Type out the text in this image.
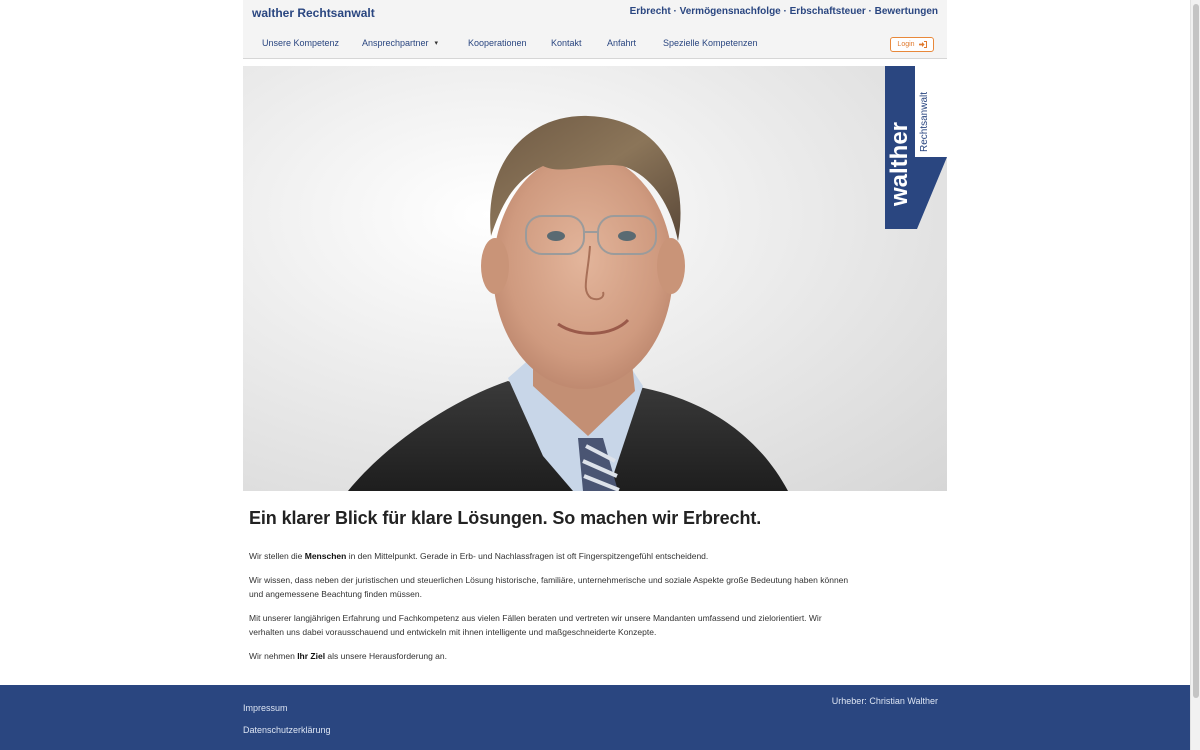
walther Rechtsanwalt	Erbrecht · Vermögensnachfolge · Erbschaftsteuer · Bewertungen
Unsere Kompetenz	Ansprechpartner ▾	Kooperationen	Kontakt	Anfahrt	Spezielle Kompetenzen	Login
walther Rechtsanwalt
Ein klarer Blick für klare Lösungen. So machen wir Erbrecht.

Wir stellen die Menschen in den Mittelpunkt. Gerade in Erb- und Nachlassfragen ist oft Fingerspitzengefühl entscheidend.

Wir wissen, dass neben der juristischen und steuerlichen Lösung historische, familiäre, unternehmerische und soziale Aspekte große Bedeutung haben können und angemessene Beachtung finden müssen.

Mit unserer langjährigen Erfahrung und Fachkompetenz aus vielen Fällen beraten und vertreten wir unsere Mandanten umfassend und zielorientiert. Wir verhalten uns dabei vorausschauend und entwickeln mit ihnen intelligente und maßgeschneiderte Konzepte.

Wir nehmen Ihr Ziel als unsere Herausforderung an.

Impressum
Datenschutzerklärung
Urheber: Christian Walther
